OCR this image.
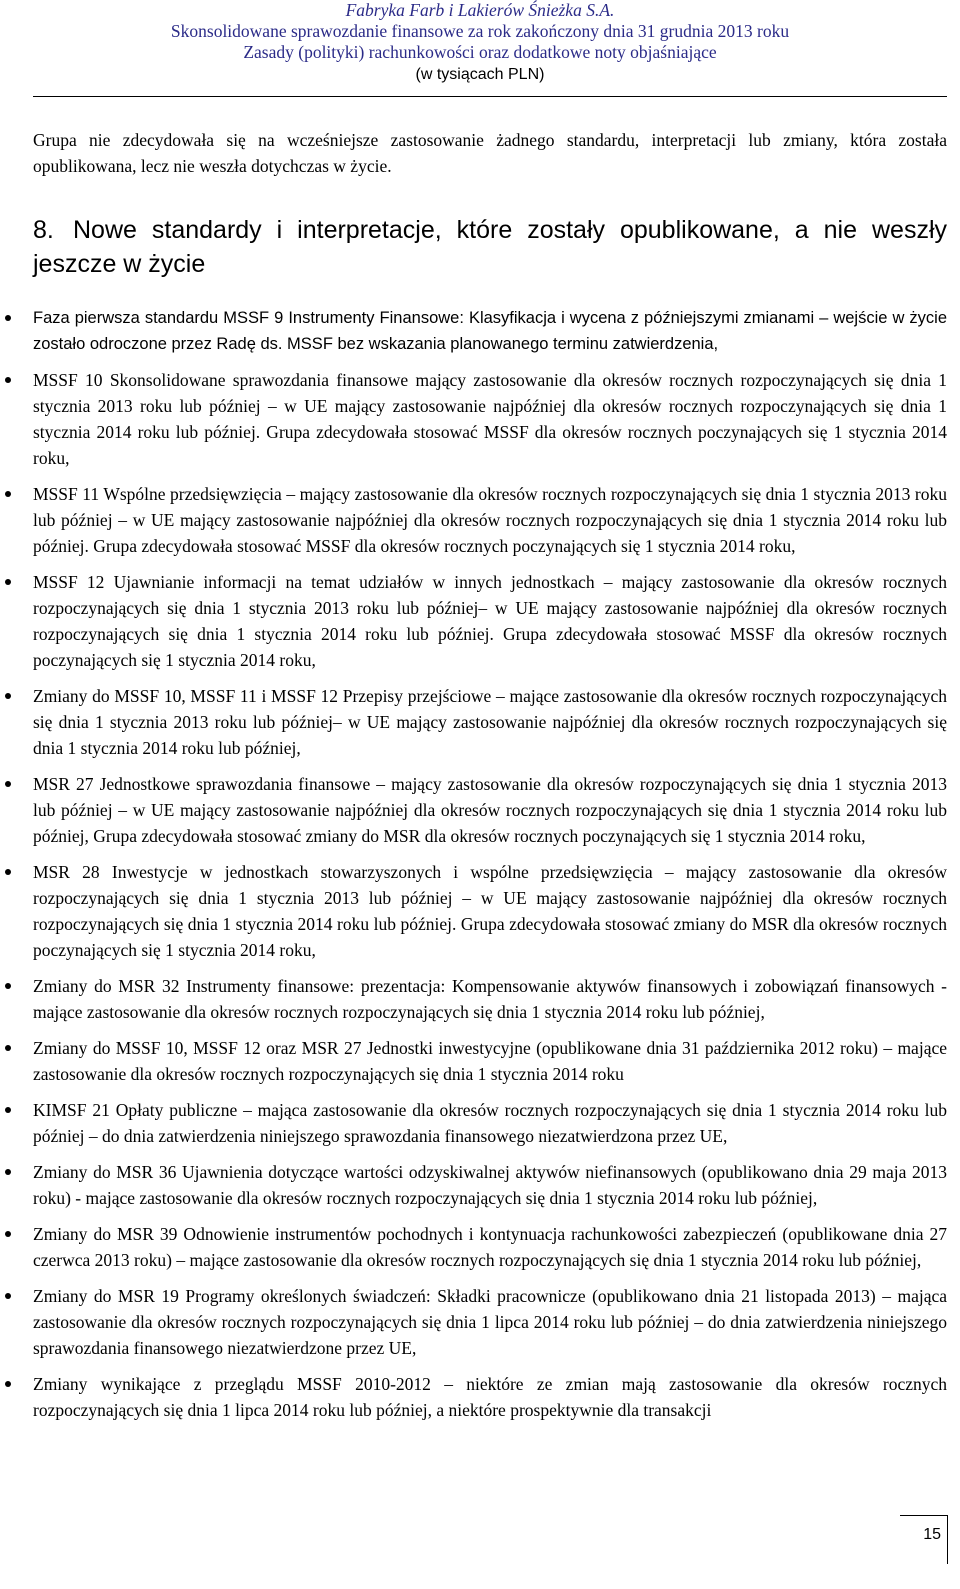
Fabryka Farb i Lakierów Śnieżka S.A.
Skonsolidowane sprawozdanie finansowe za rok zakończony dnia 31 grudnia 2013 roku
Zasady (polityki) rachunkowości oraz dodatkowe noty objaśniające
(w tysiącach PLN)
Grupa nie zdecydowała się na wcześniejsze zastosowanie żadnego standardu, interpretacji lub zmiany, która została opublikowana, lecz nie weszła dotychczas w życie.
8. Nowe standardy i interpretacje, które zostały opublikowane, a nie weszły jeszcze w życie
Faza pierwsza standardu MSSF 9 Instrumenty Finansowe: Klasyfikacja i wycena z późniejszymi zmianami – wejście w życie zostało odroczone przez Radę ds. MSSF bez wskazania planowanego terminu zatwierdzenia,
MSSF 10 Skonsolidowane sprawozdania finansowe mający zastosowanie dla okresów rocznych rozpoczynających się dnia 1 stycznia 2013 roku lub później – w UE mający zastosowanie najpóźniej dla okresów rocznych rozpoczynających się dnia 1 stycznia 2014 roku lub później. Grupa zdecydowała stosować MSSF dla okresów rocznych poczynających się 1 stycznia 2014 roku,
MSSF 11 Wspólne przedsięwzięcia – mający zastosowanie dla okresów rocznych rozpoczynających się dnia 1 stycznia 2013 roku lub później – w UE mający zastosowanie najpóźniej dla okresów rocznych rozpoczynających się dnia 1 stycznia 2014 roku lub później. Grupa zdecydowała stosować MSSF dla okresów rocznych poczynających się 1 stycznia 2014 roku,
MSSF 12 Ujawnianie informacji na temat udziałów w innych jednostkach – mający zastosowanie dla okresów rocznych rozpoczynających się dnia 1 stycznia 2013 roku lub później– w UE mający zastosowanie najpóźniej dla okresów rocznych rozpoczynających się dnia 1 stycznia 2014 roku lub później. Grupa zdecydowała stosować MSSF dla okresów rocznych poczynających się 1 stycznia 2014 roku,
Zmiany do MSSF 10, MSSF 11 i MSSF 12 Przepisy przejściowe – mające zastosowanie dla okresów rocznych rozpoczynających się dnia 1 stycznia 2013 roku lub później– w UE mający zastosowanie najpóźniej dla okresów rocznych rozpoczynających się dnia 1 stycznia 2014 roku lub później,
MSR 27 Jednostkowe sprawozdania finansowe – mający zastosowanie dla okresów rozpoczynających się dnia 1 stycznia 2013 lub później – w UE mający zastosowanie najpóźniej dla okresów rocznych rozpoczynających się dnia 1 stycznia 2014 roku lub później, Grupa zdecydowała stosować zmiany do MSR dla okresów rocznych poczynających się 1 stycznia 2014 roku,
MSR 28 Inwestycje w jednostkach stowarzyszonych i wspólne przedsięwzięcia – mający zastosowanie dla okresów rozpoczynających się dnia 1 stycznia 2013 lub później – w UE mający zastosowanie najpóźniej dla okresów rocznych rozpoczynających się dnia 1 stycznia 2014 roku lub później. Grupa zdecydowała stosować zmiany do MSR dla okresów rocznych poczynających się 1 stycznia 2014 roku,
Zmiany do MSR 32 Instrumenty finansowe: prezentacja: Kompensowanie aktywów finansowych i zobowiązań finansowych - mające zastosowanie dla okresów rocznych rozpoczynających się dnia 1 stycznia 2014 roku lub później,
Zmiany do MSSF 10, MSSF 12 oraz MSR 27 Jednostki inwestycyjne (opublikowane dnia 31 października 2012 roku) – mające zastosowanie dla okresów rocznych rozpoczynających się dnia 1 stycznia 2014 roku
KIMSF 21 Opłaty publiczne – mająca zastosowanie dla okresów rocznych rozpoczynających się dnia 1 stycznia 2014 roku lub później – do dnia zatwierdzenia niniejszego sprawozdania finansowego niezatwierdzona przez UE,
Zmiany do MSR 36 Ujawnienia dotyczące wartości odzyskiwalnej aktywów niefinansowych (opublikowano dnia 29 maja 2013 roku) - mające zastosowanie dla okresów rocznych rozpoczynających się dnia 1 stycznia 2014 roku lub później,
Zmiany do MSR 39 Odnowienie instrumentów pochodnych i kontynuacja rachunkowości zabezpieczeń (opublikowane dnia 27 czerwca 2013 roku) – mające zastosowanie dla okresów rocznych rozpoczynających się dnia 1 stycznia 2014 roku lub później,
Zmiany do MSR 19 Programy określonych świadczeń: Składki pracownicze (opublikowano dnia 21 listopada 2013) – mająca zastosowanie dla okresów rocznych rozpoczynających się dnia 1 lipca 2014 roku lub później – do dnia zatwierdzenia niniejszego sprawozdania finansowego niezatwierdzone przez UE,
Zmiany wynikające z przeglądu MSSF 2010-2012 – niektóre ze zmian mają zastosowanie dla okresów rocznych rozpoczynających się dnia 1 lipca 2014 roku lub później, a niektóre prospektywnie dla transakcji
15
